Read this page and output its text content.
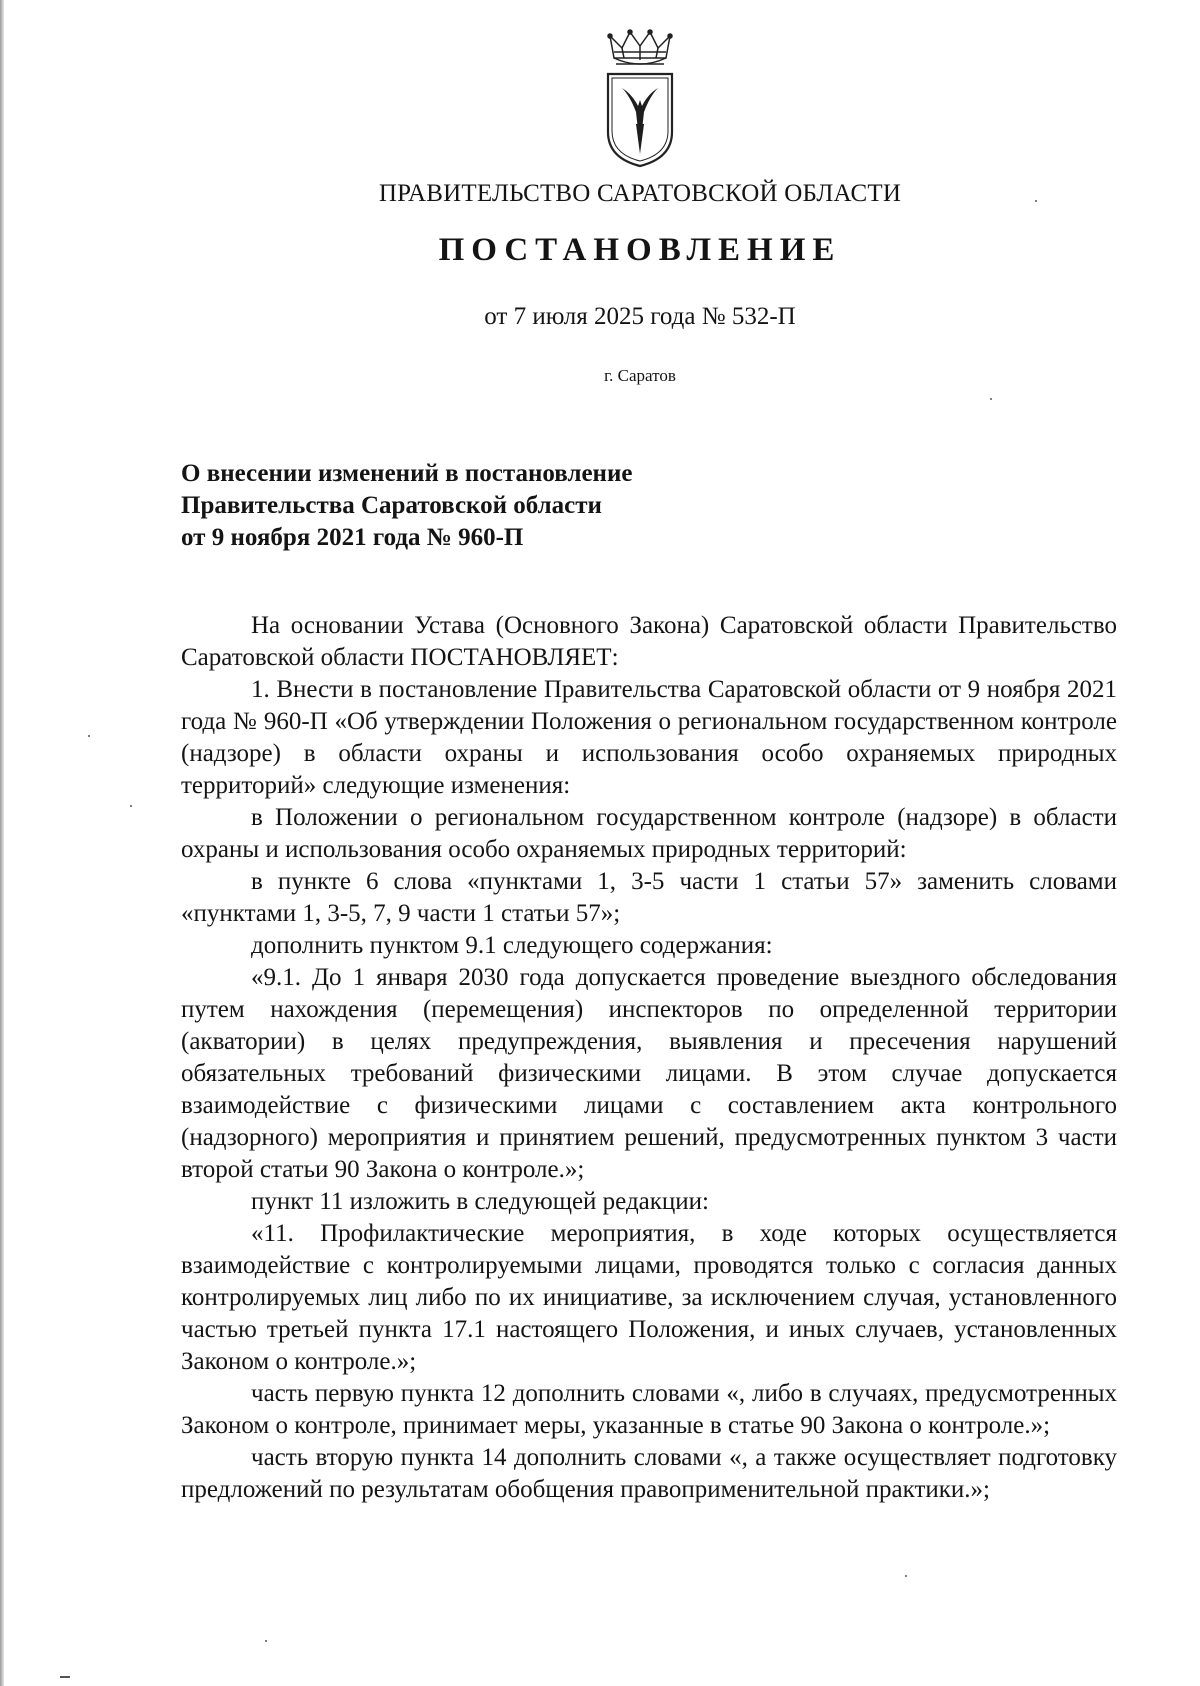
ПРАВИТЕЛЬСТВО САРАТОВСКОЙ ОБЛАСТИ
ПОСТАНОВЛЕНИЕ
от 7 июля 2025 года № 532-П
г. Саратов
О внесении изменений в постановление
Правительства Саратовской области
от 9 ноября 2021 года № 960-П

На основании Устава (Основного Закона) Саратовской области Правительство Саратовской области ПОСТАНОВЛЯЕТ:

1. Внести в постановление Правительства Саратовской области от 9 ноября 2021 года № 960-П «Об утверждении Положения о региональном государственном контроле (надзоре) в области охраны и использования особо охраняемых природных территорий» следующие изменения:

в Положении о региональном государственном контроле (надзоре) в области охраны и использования особо охраняемых природных территорий:

в пункте 6 слова «пунктами 1, 3-5 части 1 статьи 57» заменить словами «пунктами 1, 3-5, 7, 9 части 1 статьи 57»;

дополнить пунктом 9.1 следующего содержания:

«9.1. До 1 января 2030 года допускается проведение выездного обследования путем нахождения (перемещения) инспекторов по определенной территории (акватории) в целях предупреждения, выявления и пресечения нарушений обязательных требований физическими лицами. В этом случае допускается взаимодействие с физическими лицами с составлением акта контрольного (надзорного) мероприятия и принятием решений, предусмотренных пунктом 3 части второй статьи 90 Закона о контроле.»;

пункт 11 изложить в следующей редакции:

«11. Профилактические мероприятия, в ходе которых осуществляется взаимодействие с контролируемыми лицами, проводятся только с согласия данных контролируемых лиц либо по их инициативе, за исключением случая, установленного частью третьей пункта 17.1 настоящего Положения, и иных случаев, установленных Законом о контроле.»;

часть первую пункта 12 дополнить словами «, либо в случаях, предусмотренных Законом о контроле, принимает меры, указанные в статье 90 Закона о контроле.»;

часть вторую пункта 14 дополнить словами «, а также осуществляет подготовку предложений по результатам обобщения правоприменительной практики.»;
